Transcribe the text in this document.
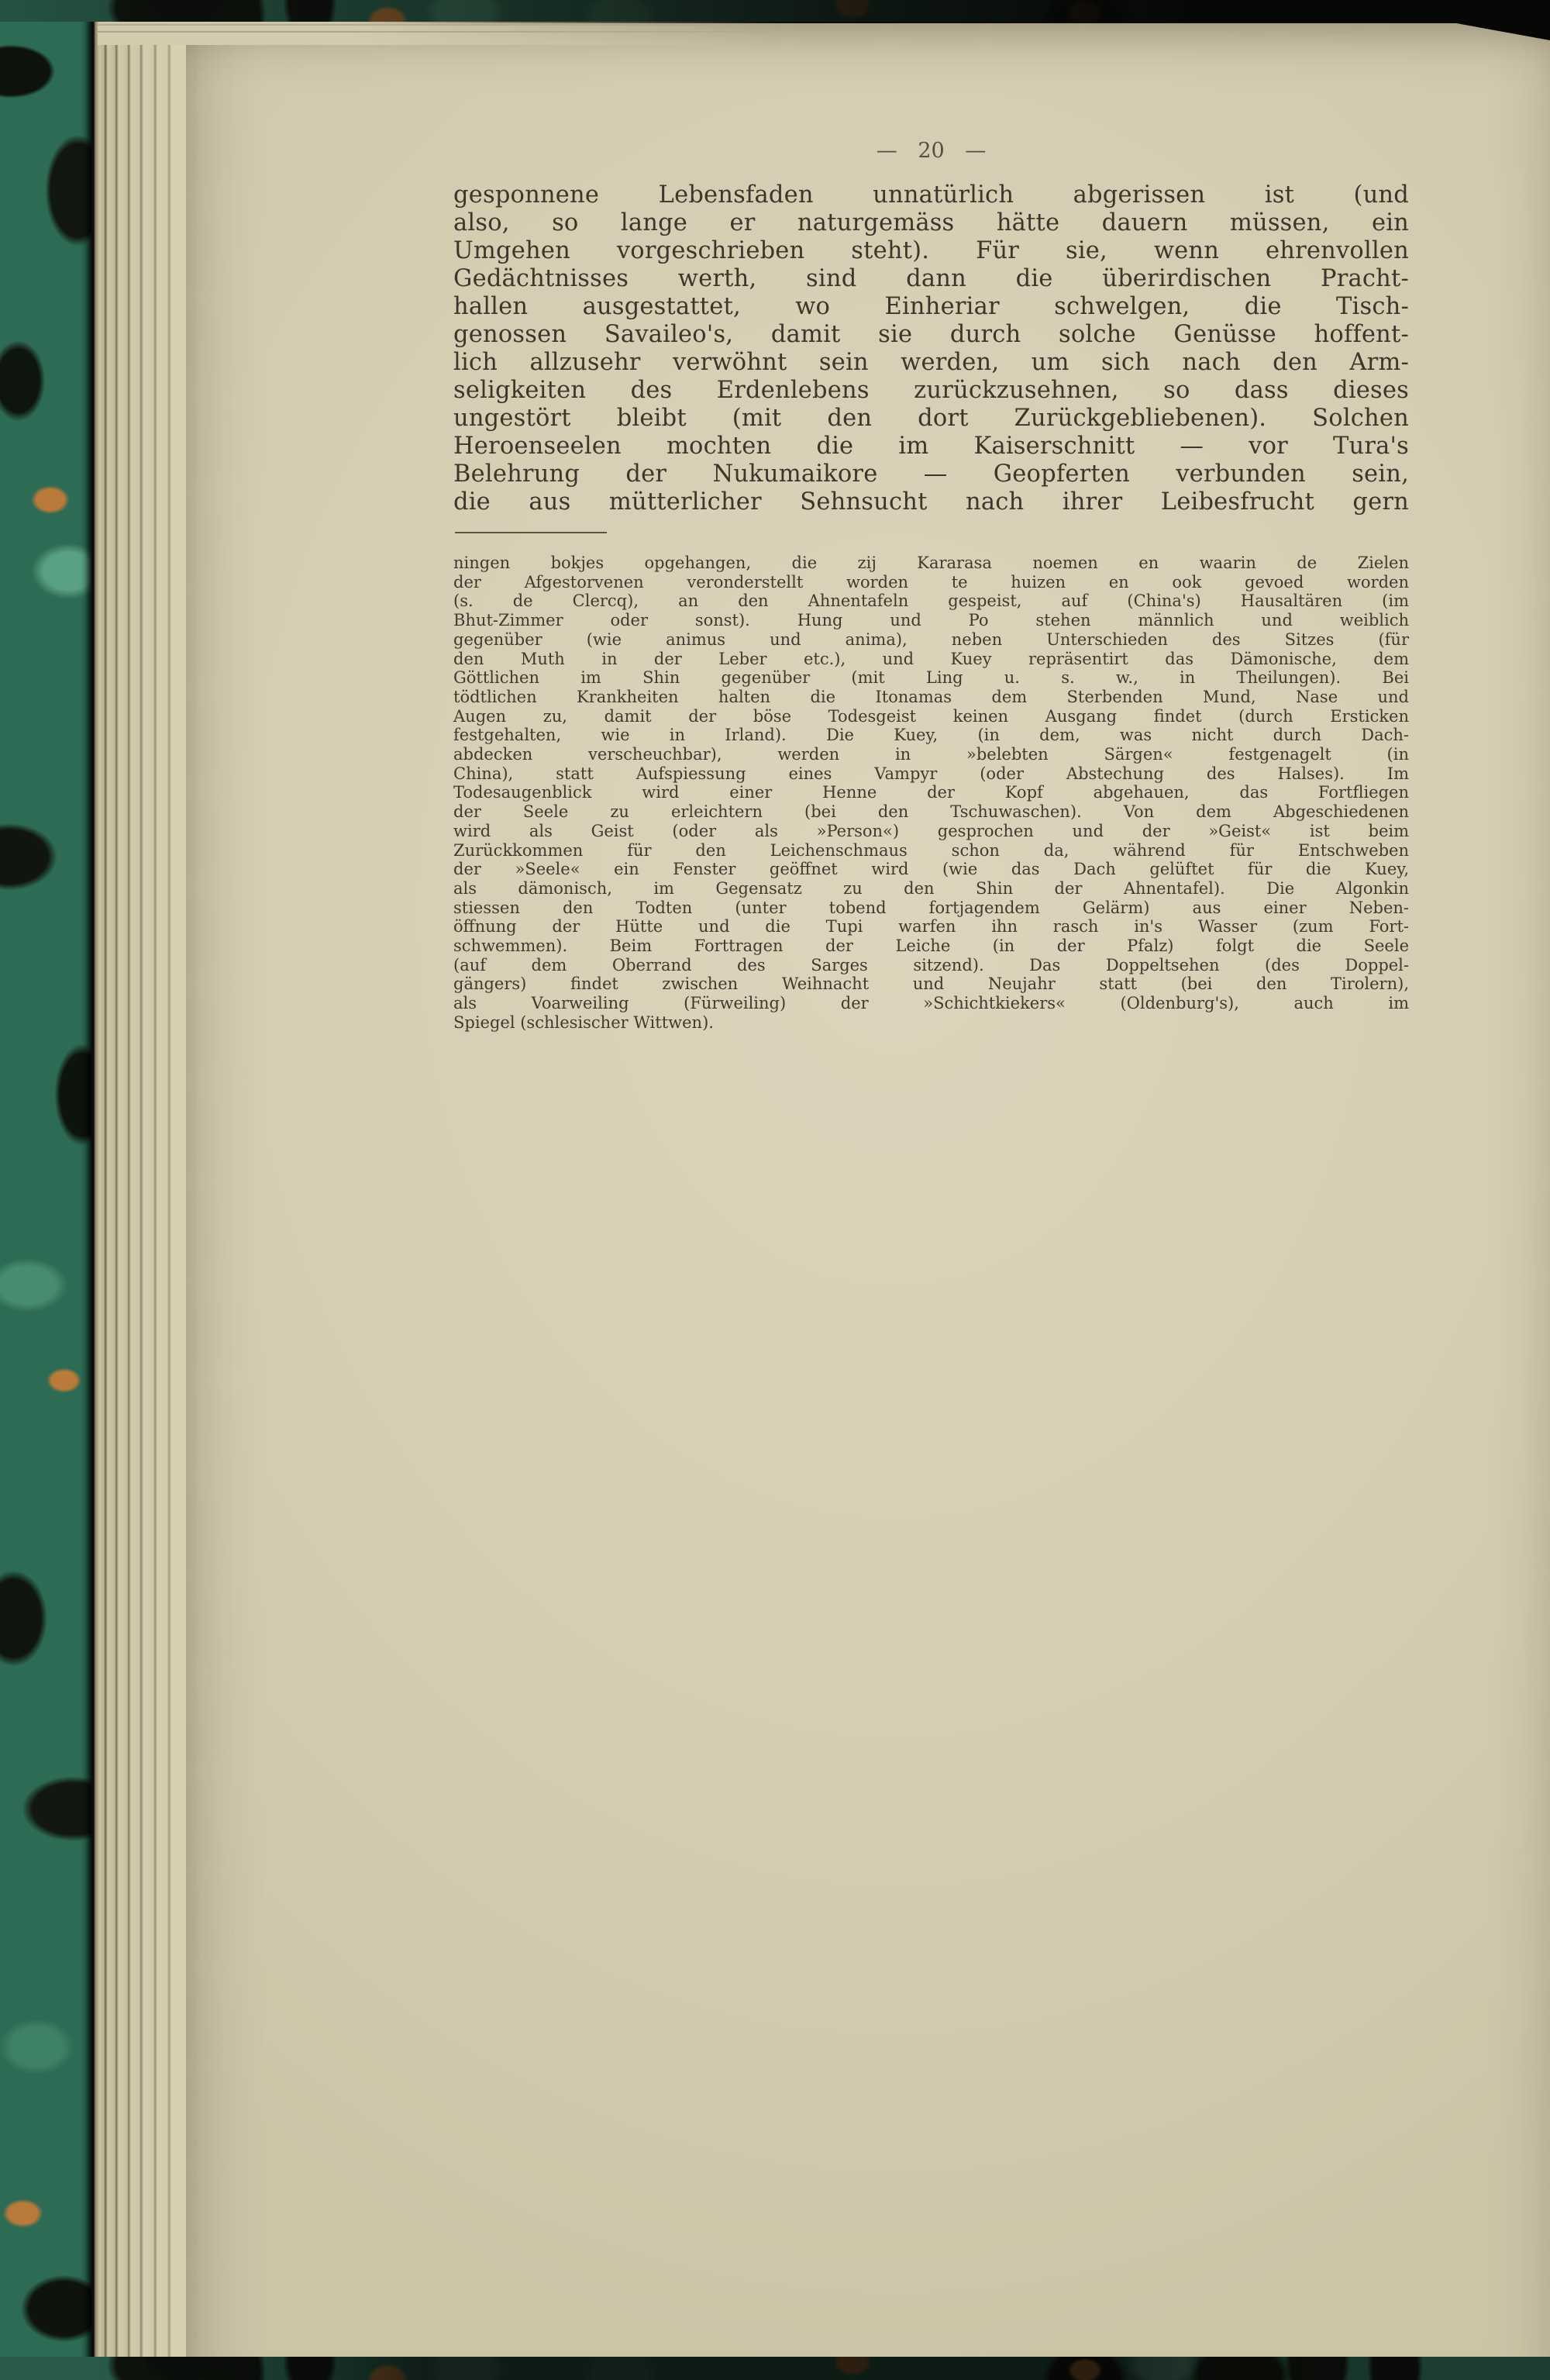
— 20 —
gesponnene Lebensfaden unnatürlich abgerissen ist (und
also, so lange er naturgemäss hätte dauern müssen, ein
Umgehen vorgeschrieben steht). Für sie, wenn ehrenvollen
Gedächtnisses werth, sind dann die überirdischen Pracht-
hallen ausgestattet, wo Einheriar schwelgen, die Tisch-
genossen Savaileo's, damit sie durch solche Genüsse hoffent-
lich allzusehr verwöhnt sein werden, um sich nach den Arm-
seligkeiten des Erdenlebens zurückzusehnen, so dass dieses
ungestört bleibt (mit den dort Zurückgebliebenen). Solchen
Heroenseelen mochten die im Kaiserschnitt — vor Tura's
Belehrung der Nukumaikore — Geopferten verbunden sein,
die aus mütterlicher Sehnsucht nach ihrer Leibesfrucht gern
ningen bokjes opgehangen, die zij Kararasa noemen en waarin de Zielen
der Afgestorvenen veronderstellt worden te huizen en ook gevoed worden
(s. de Clercq), an den Ahnentafeln gespeist, auf (China's) Hausaltären (im
Bhut-Zimmer oder sonst). Hung und Po stehen männlich und weiblich
gegenüber (wie animus und anima), neben Unterschieden des Sitzes (für
den Muth in der Leber etc.), und Kuey repräsentirt das Dämonische, dem
Göttlichen im Shin gegenüber (mit Ling u. s. w., in Theilungen). Bei
tödtlichen Krankheiten halten die Itonamas dem Sterbenden Mund, Nase und
Augen zu, damit der böse Todesgeist keinen Ausgang findet (durch Ersticken
festgehalten, wie in Irland). Die Kuey, (in dem, was nicht durch Dach-
abdecken verscheuchbar), werden in »belebten Särgen« festgenagelt (in
China), statt Aufspiessung eines Vampyr (oder Abstechung des Halses). Im
Todesaugenblick wird einer Henne der Kopf abgehauen, das Fortfliegen
der Seele zu erleichtern (bei den Tschuwaschen). Von dem Abgeschiedenen
wird als Geist (oder als »Person«) gesprochen und der »Geist« ist beim
Zurückkommen für den Leichenschmaus schon da, während für Entschweben
der »Seele« ein Fenster geöffnet wird (wie das Dach gelüftet für die Kuey,
als dämonisch, im Gegensatz zu den Shin der Ahnentafel). Die Algonkin
stiessen den Todten (unter tobend fortjagendem Gelärm) aus einer Neben-
öffnung der Hütte und die Tupi warfen ihn rasch in's Wasser (zum Fort-
schwemmen). Beim Forttragen der Leiche (in der Pfalz) folgt die Seele
(auf dem Oberrand des Sarges sitzend). Das Doppeltsehen (des Doppel-
gängers) findet zwischen Weihnacht und Neujahr statt (bei den Tirolern),
als Voarweiling (Fürweiling) der »Schichtkiekers« (Oldenburg's), auch im
Spiegel (schlesischer Wittwen).
